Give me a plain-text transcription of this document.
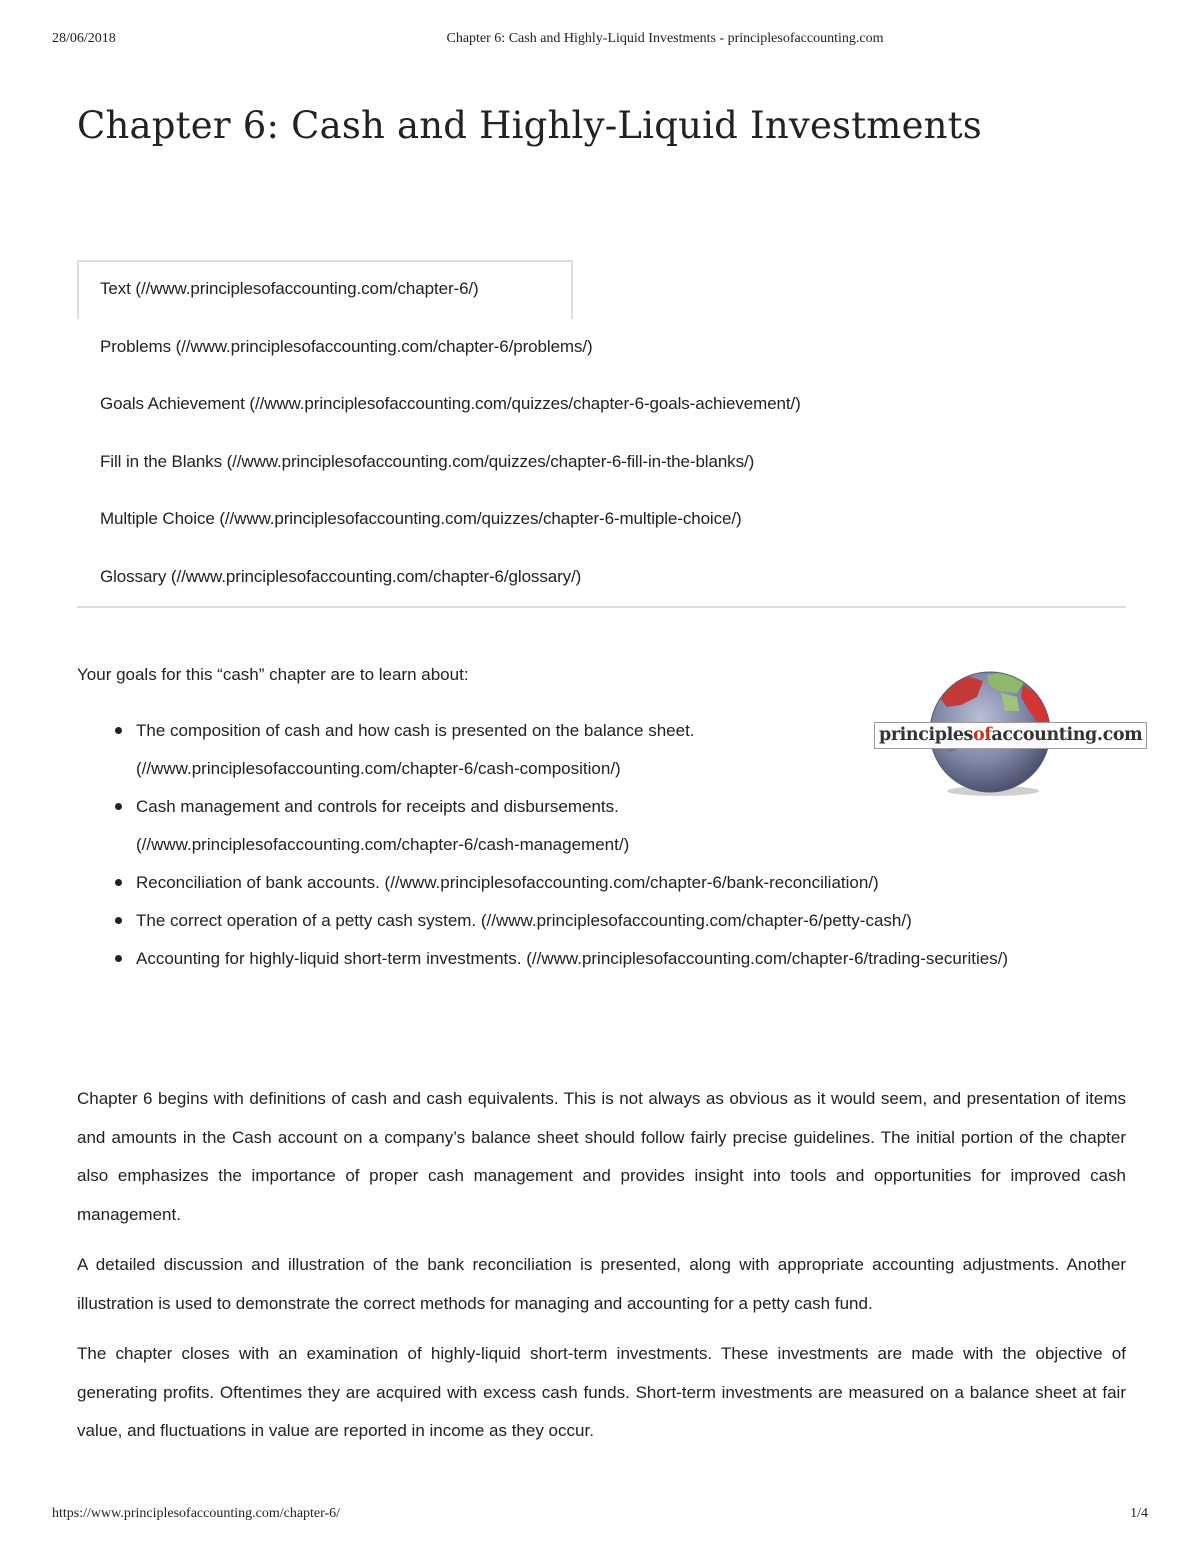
28/06/2018	Chapter 6: Cash and Highly-Liquid Investments - principlesofaccounting.com
Chapter 6: Cash and Highly-Liquid Investments
Text (//www.principlesofaccounting.com/chapter-6/)
Problems (//www.principlesofaccounting.com/chapter-6/problems/)
Goals Achievement (//www.principlesofaccounting.com/quizzes/chapter-6-goals-achievement/)
Fill in the Blanks (//www.principlesofaccounting.com/quizzes/chapter-6-fill-in-the-blanks/)
Multiple Choice (//www.principlesofaccounting.com/quizzes/chapter-6-multiple-choice/)
Glossary (//www.principlesofaccounting.com/chapter-6/glossary/)

Your goals for this “cash” chapter are to learn about:

principlesofaccounting.com
The composition of cash and how cash is presented on the balance sheet. (//www.principlesofaccounting.com/chapter-6/cash-composition/)
Cash management and controls for receipts and disbursements. (//www.principlesofaccounting.com/chapter-6/cash-management/)
Reconciliation of bank accounts. (//www.principlesofaccounting.com/chapter-6/bank-reconciliation/)
The correct operation of a petty cash system. (//www.principlesofaccounting.com/chapter-6/petty-cash/)
Accounting for highly-liquid short-term investments. (//www.principlesofaccounting.com/chapter-6/trading-securities/)

Chapter 6 begins with definitions of cash and cash equivalents. This is not always as obvious as it would seem, and presentation of items and amounts in the Cash account on a company’s balance sheet should follow fairly precise guidelines. The initial portion of the chapter also emphasizes the importance of proper cash management and provides insight into tools and opportunities for improved cash management.

A detailed discussion and illustration of the bank reconciliation is presented, along with appropriate accounting adjustments. Another illustration is used to demonstrate the correct methods for managing and accounting for a petty cash fund.

The chapter closes with an examination of highly-liquid short-term investments. These investments are made with the objective of generating profits. Oftentimes they are acquired with excess cash funds. Short-term investments are measured on a balance sheet at fair value, and fluctuations in value are reported in income as they occur.

https://www.principlesofaccounting.com/chapter-6/	1/4
